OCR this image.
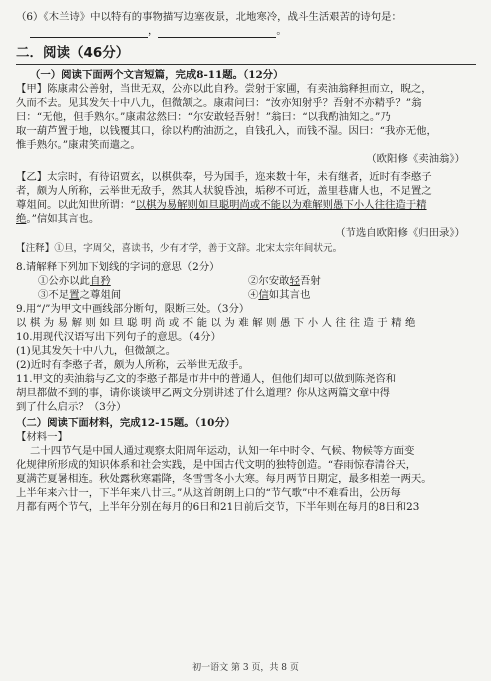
（6）《木兰诗》中以特有的事物描写边塞夜景，北地寒冷，战斗生活艰苦的诗句是：
，	。
二．阅读（46分）
（一）阅读下面两个文言短篇，完成8-11题。（12分）
【甲】陈康肃公善射，当世无双，公亦以此自矜。尝射于家圃，有卖油翁释担而立，睨之，
久而不去。见其发矢十中八九，但微颔之。康肃问曰：“汝亦知射乎？吾射不亦精乎？”翁
曰：“无他，但手熟尔。”康肃忿然曰：“尔安敢轻吾射！”翁曰：“以我酌油知之。”乃
取一葫芦置于地，以钱覆其口，徐以杓酌油沥之，自钱孔入，而钱不湿。因曰：“我亦无他，
惟手熟尔。”康肃笑而遣之。
（欧阳修《卖油翁》）
【乙】太宗时，有待诏贾玄，以棋供奉，号为国手，迩来数十年，未有继者，近时有李憨子
者，颇为人所称，云举世无敌手，然其人状貌昏浊，垢秽不可近，盖里巷庸人也，不足置之
尊俎间。以此知世所谓：“以棋为易解则如旦聪明尚或不能以为难解则愚下小人往往造于精
绝。”信如其言也。
（节选自欧阳修《归田录》）
【注释】①旦，字周父，喜读书，少有才学，善于文辞。北宋太宗年间状元。
8.请解释下列加下划线的字词的意思（2分）
①公亦以此自矜	②尔安敢轻吾射
③不足置之尊俎间	④信如其言也
9.用“/”为甲文中画线部分断句，限断三处。（3分）
以 棋 为 易 解 则 如 旦 聪 明 尚 或 不 能 以 为 难 解 则 愚 下 小 人 往 往 造 于 精 绝
10.用现代汉语写出下列句子的意思。（4分）
(1)见其发矢十中八九，但微颔之。
(2)近时有李憨子者，颇为人所称，云举世无敌手。
11.甲文的卖油翁与乙文的李憨子都是市井中的普通人，但他们却可以做到陈尧咨和
胡旦都做不到的事，请你谈谈甲乙两文分别讲述了什么道理？你从这两篇文章中得
到了什么启示？（3分）
（二）阅读下面材料，完成12-15题。（10分）
【材料一】
二十四节气是中国人通过观察太阳周年运动，认知一年中时令、气候、物候等方面变
化规律所形成的知识体系和社会实践，是中国古代文明的独特创造。“春雨惊春清谷天，
夏满芒夏暑相连。秋处露秋寒霜降，冬雪雪冬小大寒。每月两节日期定，最多相差一两天。
上半年来六廿一，下半年来八廿三。”从这首朗朗上口的“节气歌”中不难看出，公历每
月都有两个节气，上半年分别在每月的6日和21日前后交节，下半年则在每月的8日和23
初一语文 第 3 页，共 8 页
